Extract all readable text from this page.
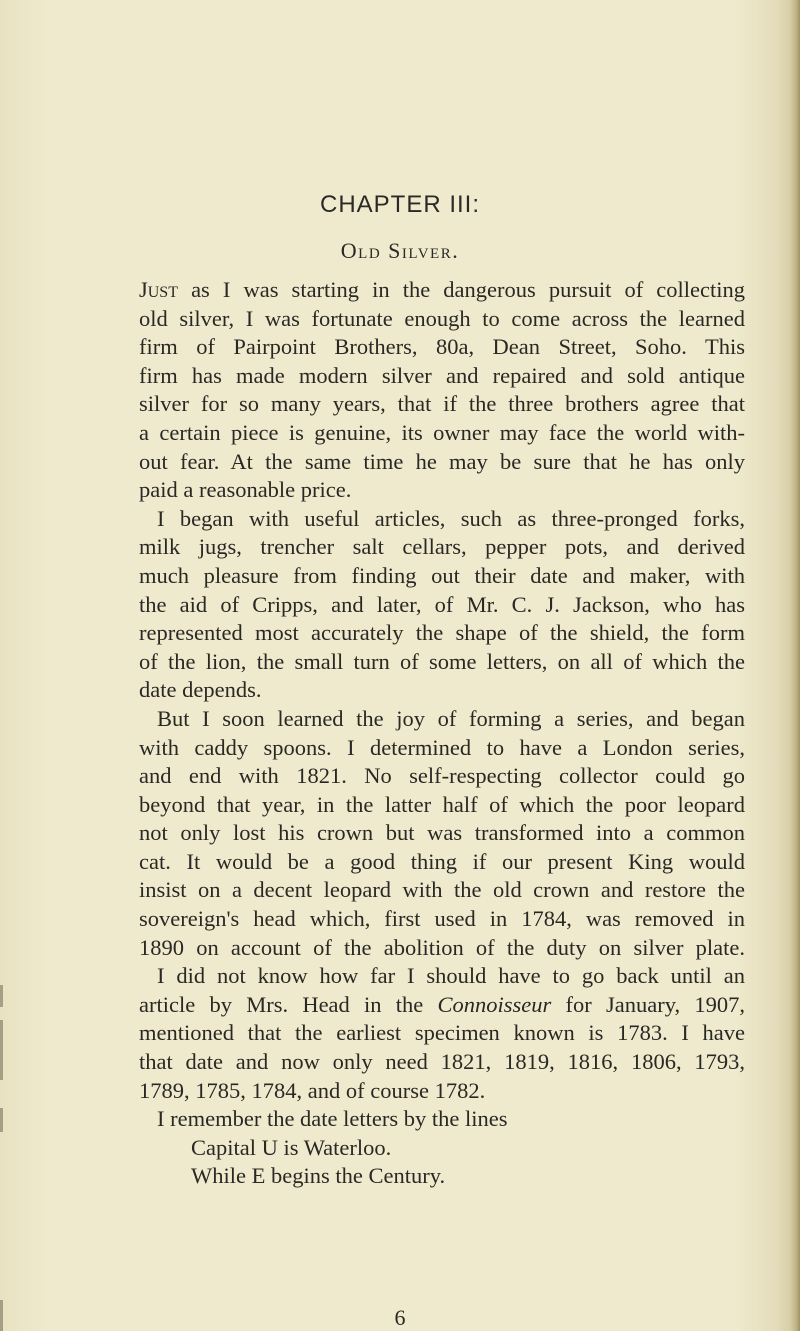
CHAPTER III:
Old Silver.
Just as I was starting in the dangerous pursuit of collecting
old silver, I was fortunate enough to come across the learned
firm of Pairpoint Brothers, 80a, Dean Street, Soho. This
firm has made modern silver and repaired and sold antique
silver for so many years, that if the three brothers agree that
a certain piece is genuine, its owner may face the world with-
out fear. At the same time he may be sure that he has only
paid a reasonable price.
I began with useful articles, such as three-pronged forks,
milk jugs, trencher salt cellars, pepper pots, and derived
much pleasure from finding out their date and maker, with
the aid of Cripps, and later, of Mr. C. J. Jackson, who has
represented most accurately the shape of the shield, the form
of the lion, the small turn of some letters, on all of which the
date depends.
But I soon learned the joy of forming a series, and began
with caddy spoons. I determined to have a London series,
and end with 1821. No self-respecting collector could go
beyond that year, in the latter half of which the poor leopard
not only lost his crown but was transformed into a common
cat. It would be a good thing if our present King would
insist on a decent leopard with the old crown and restore the
sovereign's head which, first used in 1784, was removed in
1890 on account of the abolition of the duty on silver plate.
I did not know how far I should have to go back until an
article by Mrs. Head in the Connoisseur for January, 1907,
mentioned that the earliest specimen known is 1783. I have
that date and now only need 1821, 1819, 1816, 1806, 1793,
1789, 1785, 1784, and of course 1782.
I remember the date letters by the lines
Capital U is Waterloo.
While E begins the Century.
6
